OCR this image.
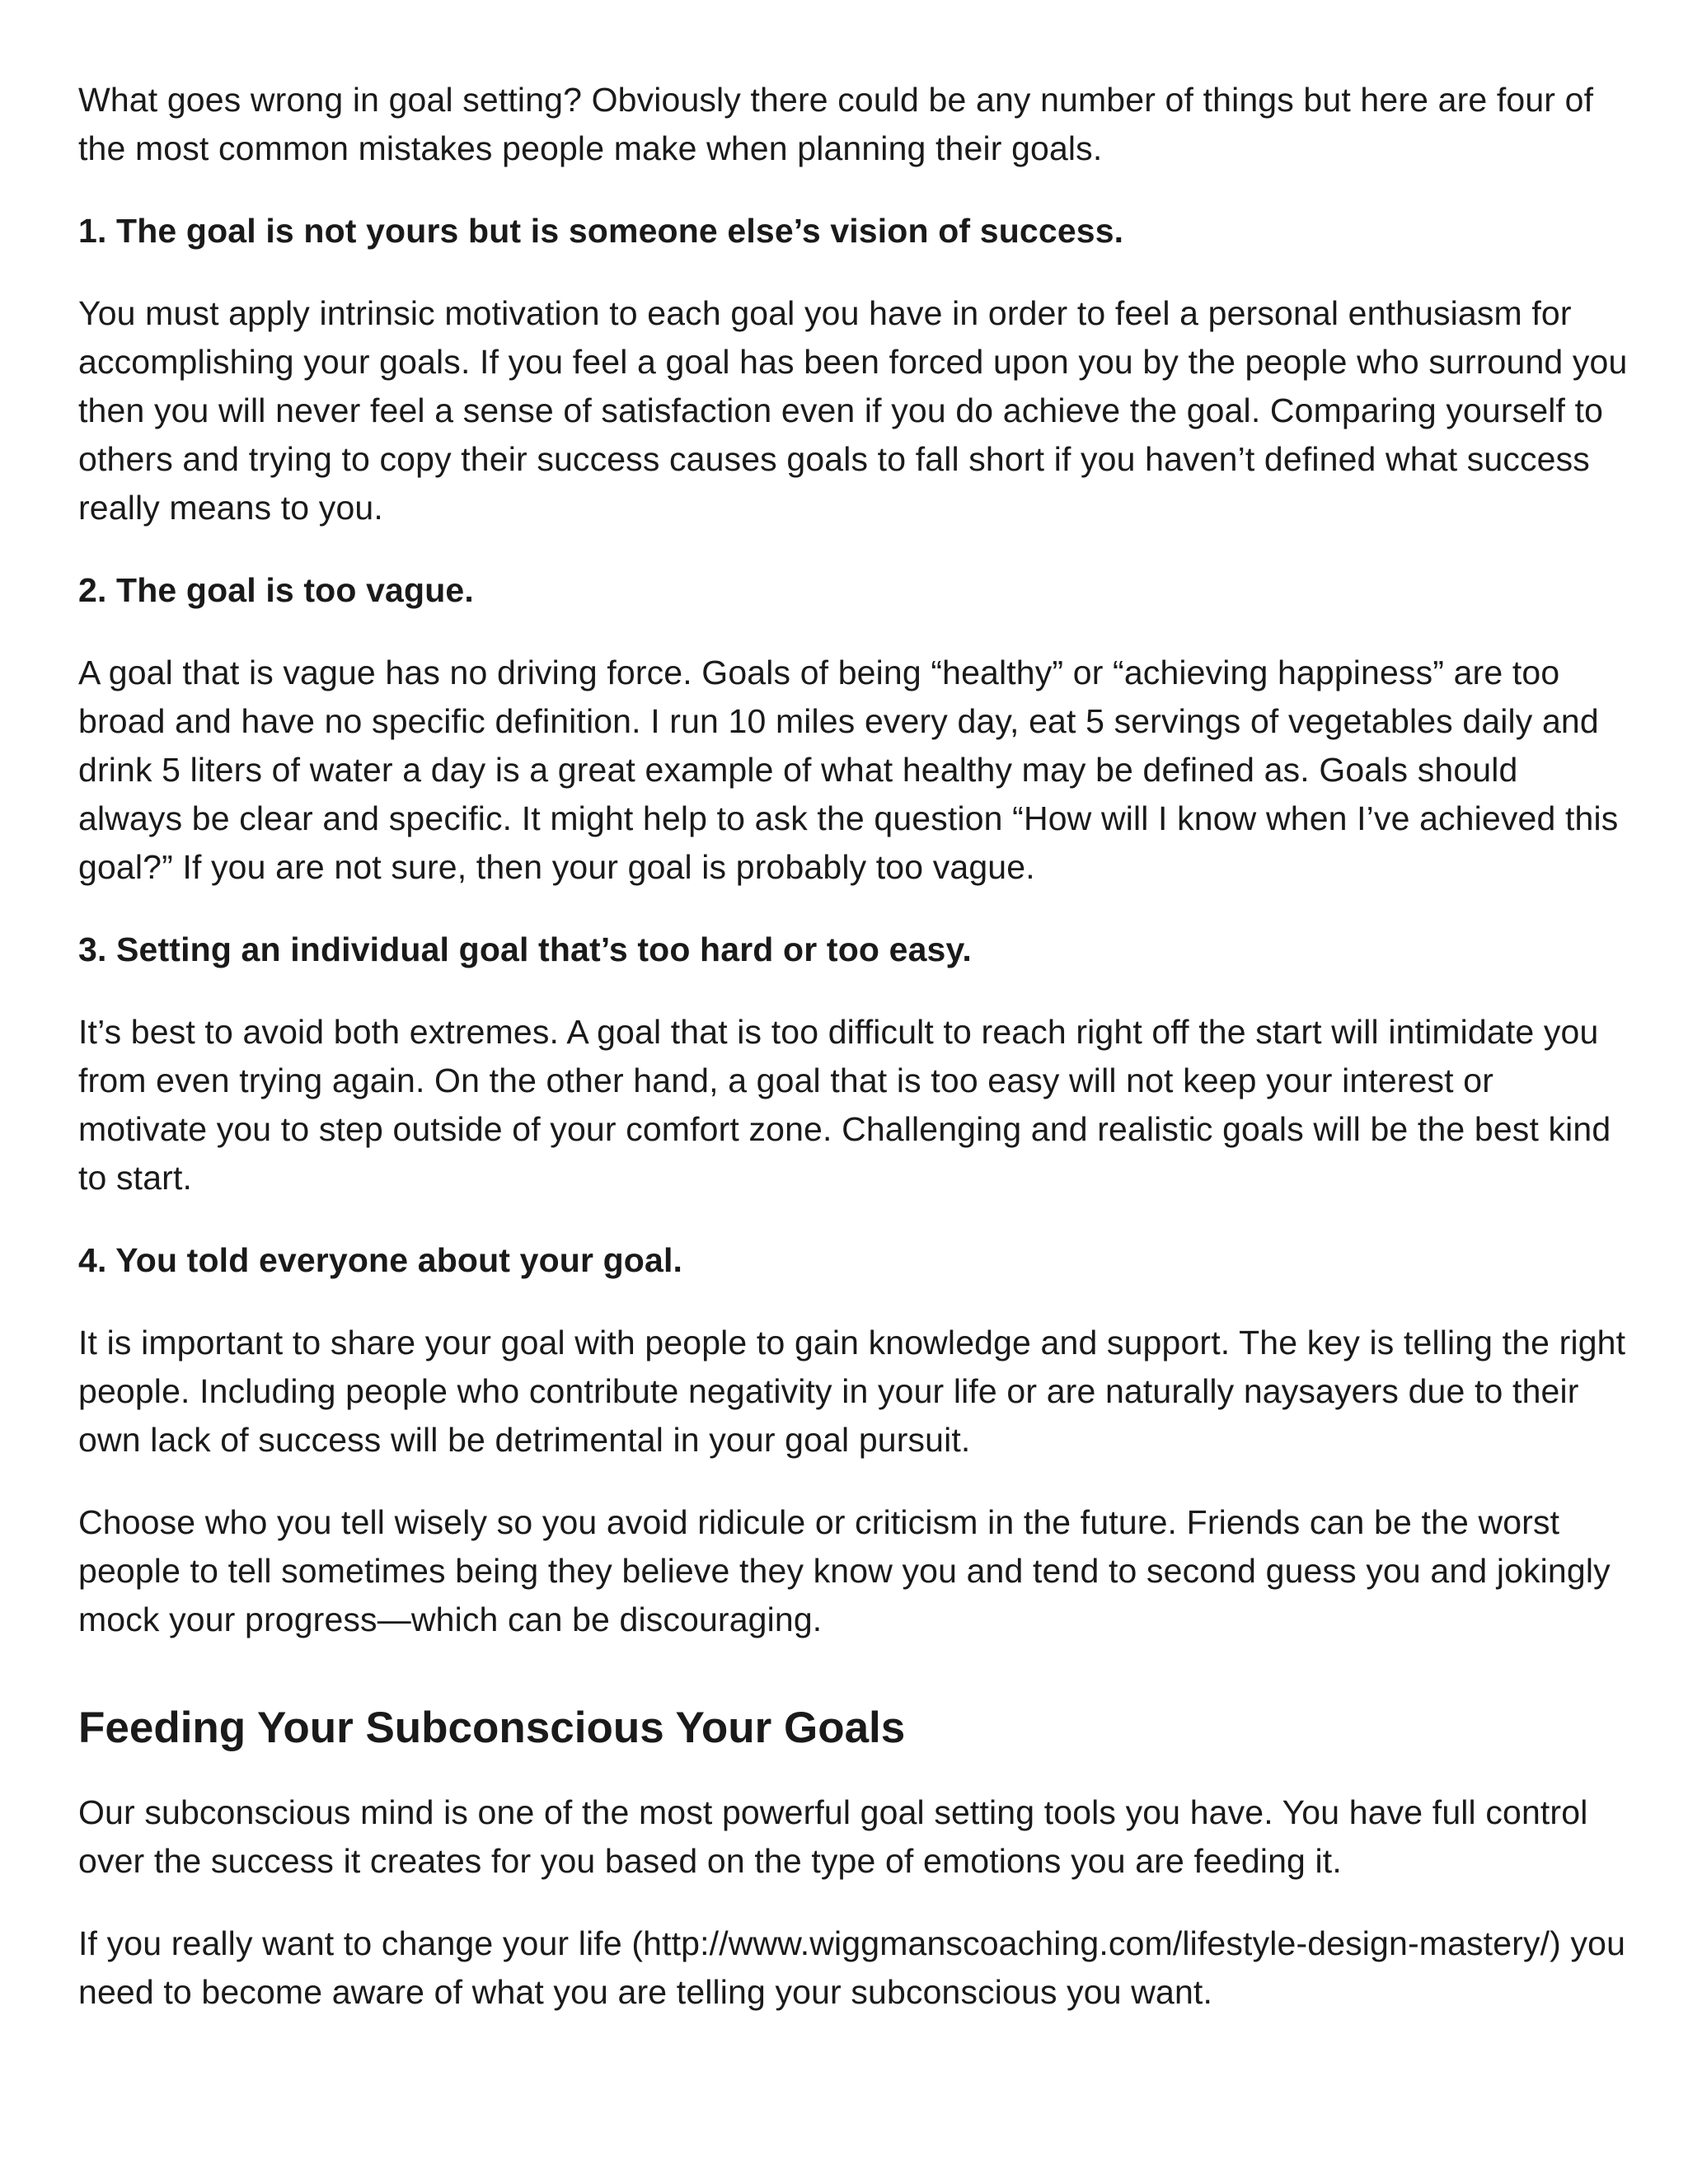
What goes wrong in goal setting? Obviously there could be any number of things but here are four of the most common mistakes people make when planning their goals.

1. The goal is not yours but is someone else’s vision of success.

You must apply intrinsic motivation to each goal you have in order to feel a personal enthusiasm for accomplishing your goals. If you feel a goal has been forced upon you by the people who surround you then you will never feel a sense of satisfaction even if you do achieve the goal. Comparing yourself to others and trying to copy their success causes goals to fall short if you haven’t defined what success really means to you.

2. The goal is too vague.

A goal that is vague has no driving force. Goals of being “healthy” or “achieving happiness” are too broad and have no specific definition. I run 10 miles every day, eat 5 servings of vegetables daily and drink 5 liters of water a day is a great example of what healthy may be defined as. Goals should always be clear and specific. It might help to ask the question “How will I know when I’ve achieved this goal?” If you are not sure, then your goal is probably too vague.

3. Setting an individual goal that’s too hard or too easy.

It’s best to avoid both extremes. A goal that is too difficult to reach right off the start will intimidate you from even trying again. On the other hand, a goal that is too easy will not keep your interest or motivate you to step outside of your comfort zone. Challenging and realistic goals will be the best kind to start.

4. You told everyone about your goal.

It is important to share your goal with people to gain knowledge and support. The key is telling the right people. Including people who contribute negativity in your life or are naturally naysayers due to their own lack of success will be detrimental in your goal pursuit.

Choose who you tell wisely so you avoid ridicule or criticism in the future. Friends can be the worst people to tell sometimes being they believe they know you and tend to second guess you and jokingly mock your progress—which can be discouraging.

Feeding Your Subconscious Your Goals

Our subconscious mind is one of the most powerful goal setting tools you have. You have full control over the success it creates for you based on the type of emotions you are feeding it.

If you really want to change your life (http://www.wiggmanscoaching.com/lifestyle-design-mastery/) you need to become aware of what you are telling your subconscious you want.
